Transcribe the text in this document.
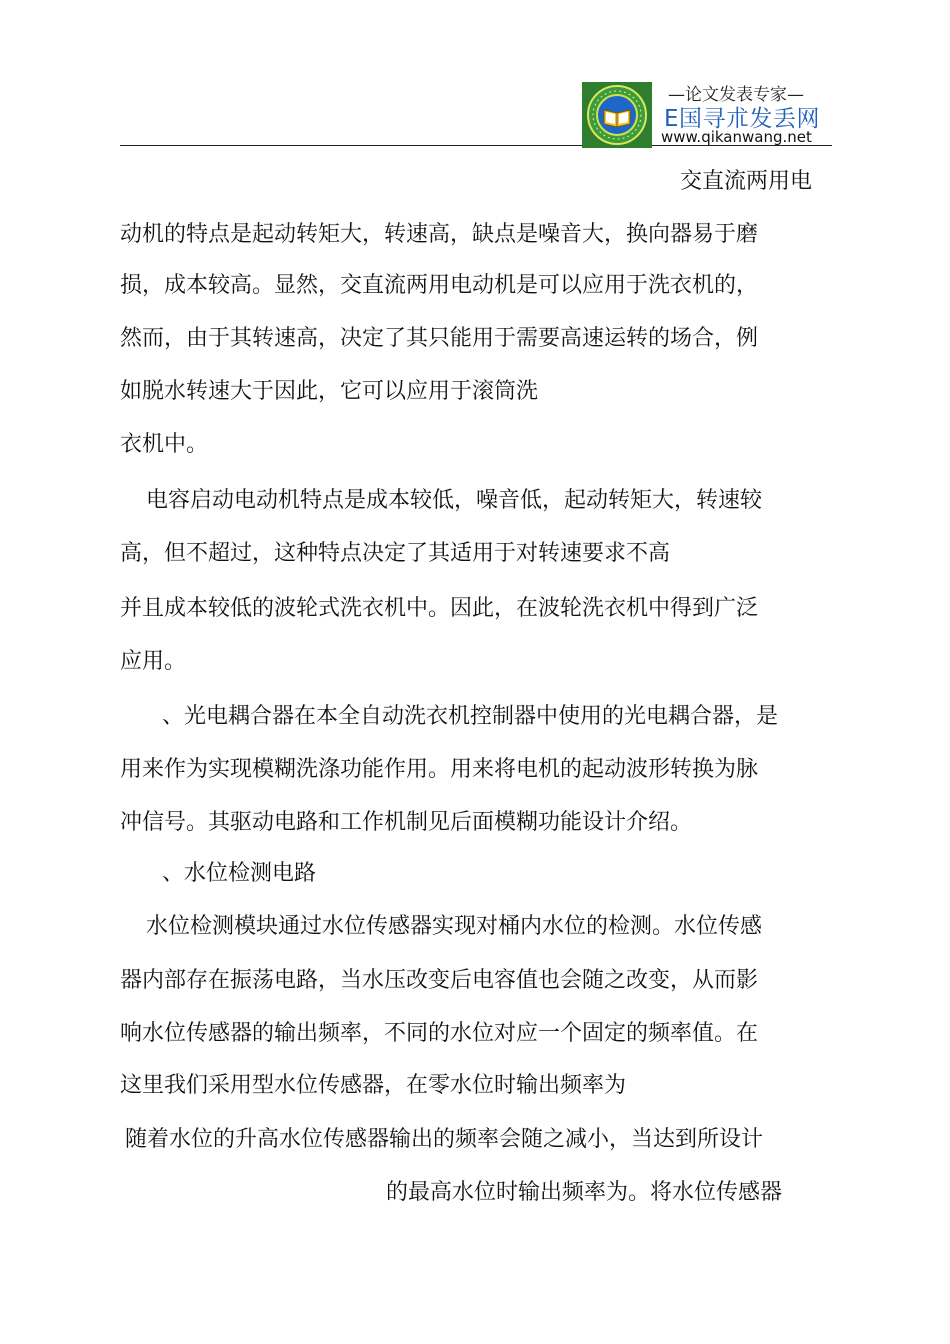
—论文发表专家—
E国寻朮发丢网
www.qikanwang.net
交直流两用电
动机的特点是起动转矩大，转速高，缺点是噪音大，换向器易于磨
损，成本较高。显然，交直流两用电动机是可以应用于洗衣机的，
然而，由于其转速高，决定了其只能用于需要高速运转的场合，例
如脱水转速大于因此，它可以应用于滚筒洗
衣机中。
电容启动电动机特点是成本较低，噪音低，起动转矩大，转速较
高，但不超过，这种特点决定了其适用于对转速要求不高
并且成本较低的波轮式洗衣机中。因此，在波轮洗衣机中得到广泛
应用。
、光电耦合器在本全自动洗衣机控制器中使用的光电耦合器，是
用来作为实现模糊洗涤功能作用。用来将电机的起动波形转换为脉
冲信号。其驱动电路和工作机制见后面模糊功能设计介绍。
、水位检测电路
水位检测模块通过水位传感器实现对桶内水位的检测。水位传感
器内部存在振荡电路，当水压改变后电容值也会随之改变，从而影
响水位传感器的输出频率，不同的水位对应一个固定的频率值。在
这里我们采用型水位传感器，在零水位时输出频率为
随着水位的升高水位传感器输出的频率会随之减小，当达到所设计
的最高水位时输出频率为。将水位传感器
